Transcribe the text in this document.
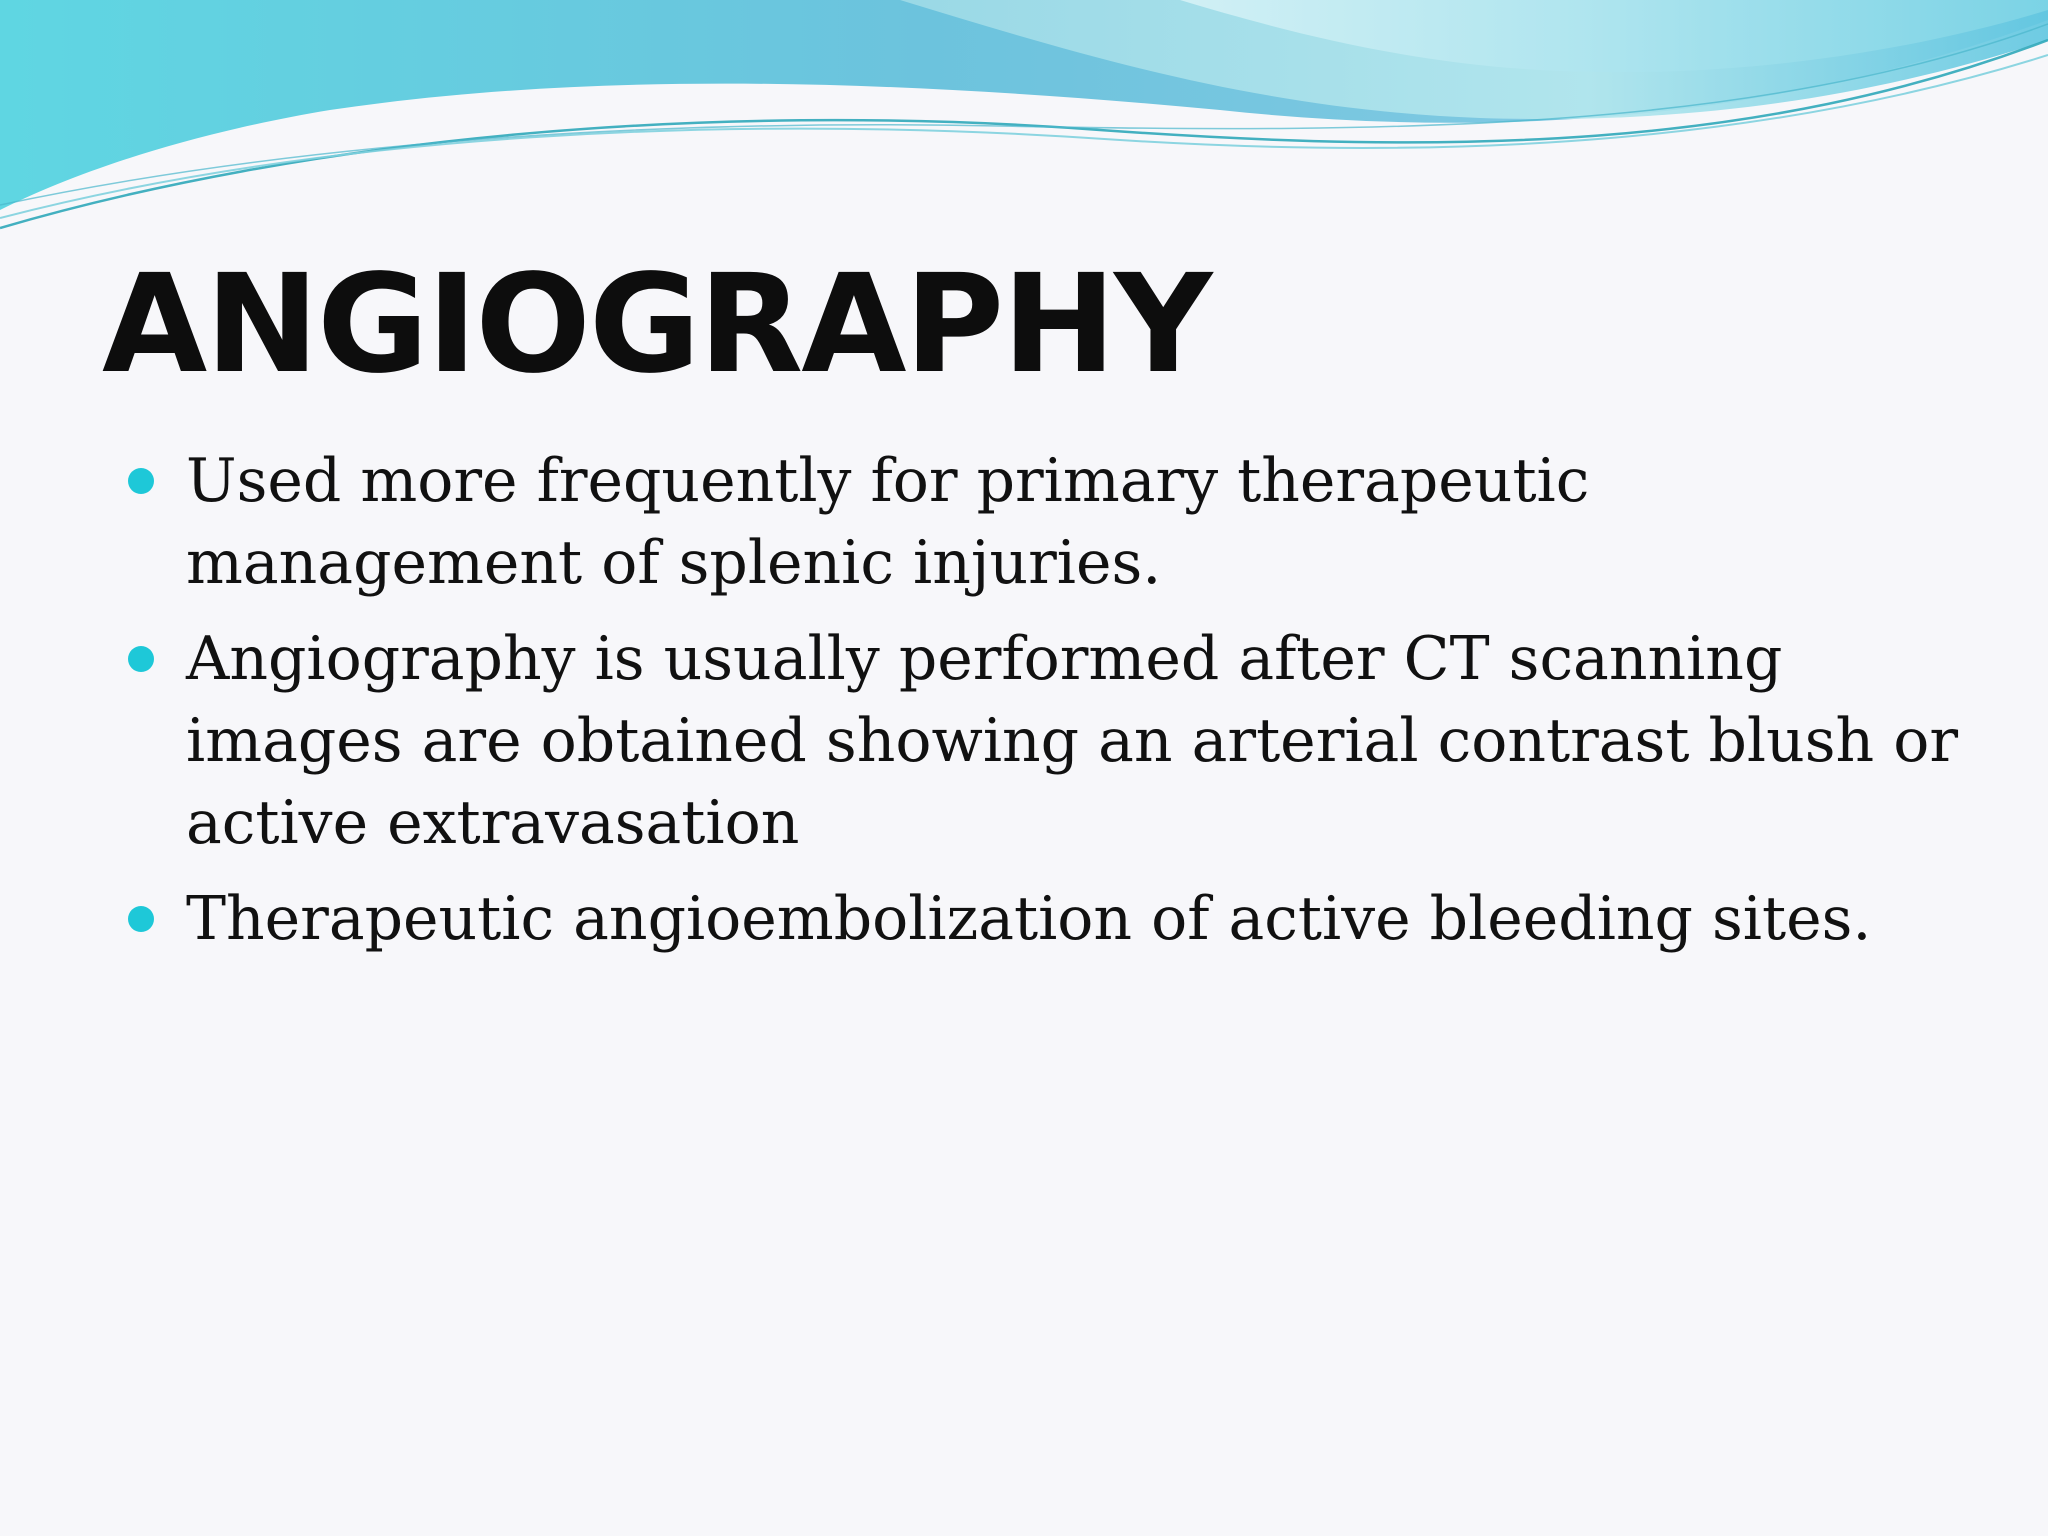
ANGIOGRAPHY
Used more frequently for primary therapeutic management of splenic injuries.
Angiography is usually performed after CT scanning images are obtained showing an arterial contrast blush or active extravasation
Therapeutic angioembolization of active bleeding sites.
